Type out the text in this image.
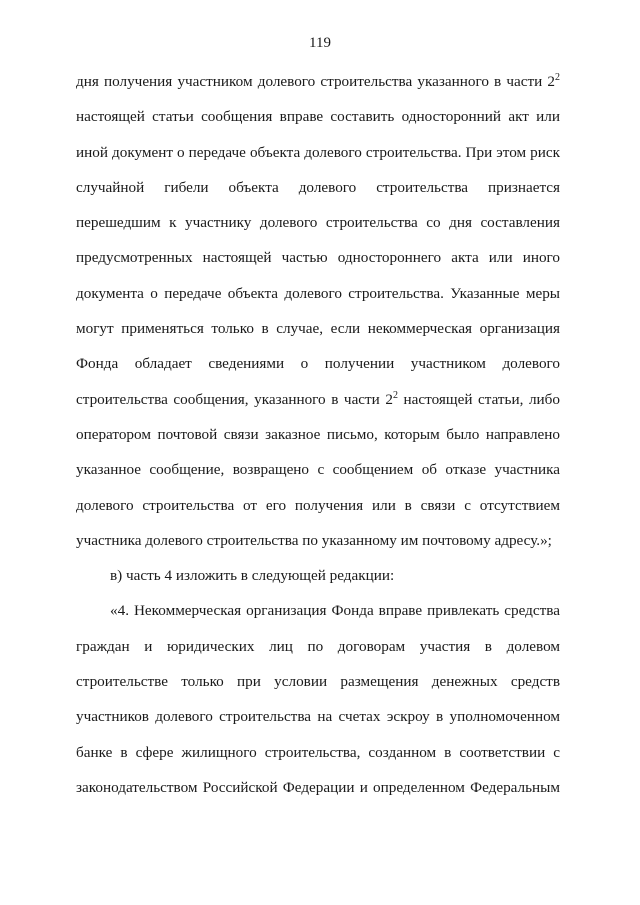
119
дня получения участником долевого строительства указанного в части $2^2$
настоящей статьи сообщения вправе составить односторонний акт или
иной документ о передаче объекта долевого строительства. При этом риск
случайной гибели объекта долевого строительства признается
перешедшим к участнику долевого строительства со дня составления
предусмотренных настоящей частью одностороннего акта или иного
документа о передаче объекта долевого строительства. Указанные меры
могут применяться только в случае, если некоммерческая организация
Фонда обладает сведениями о получении участником долевого
строительства сообщения, указанного в части $2^2$ настоящей статьи, либо
оператором почтовой связи заказное письмо, которым было направлено
указанное сообщение, возвращено с сообщением об отказе участника
долевого строительства от его получения или в связи с отсутствием
участника долевого строительства по указанному им почтовому адресу.»;
в) часть 4 изложить в следующей редакции:
«4. Некоммерческая организация Фонда вправе привлекать средства
граждан и юридических лиц по договорам участия в долевом
строительстве только при условии размещения денежных средств
участников долевого строительства на счетах эскроу в уполномоченном
банке в сфере жилищного строительства, созданном в соответствии с
законодательством Российской Федерации и определенном Федеральным
